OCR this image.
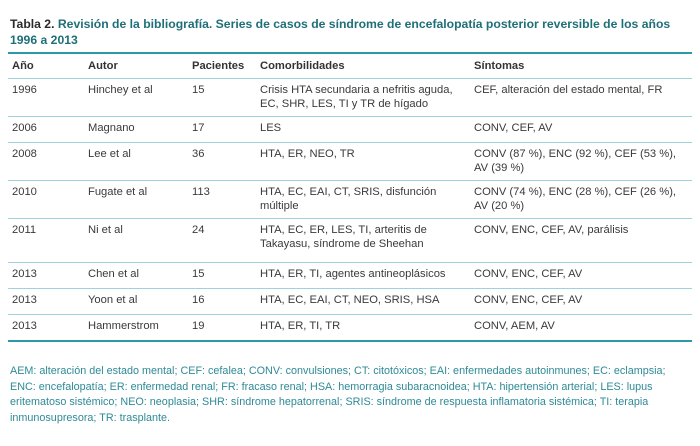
Tabla 2. Revisión de la bibliografía. Series de casos de síndrome de encefalopatía posterior reversible de los años 1996 a 2013
Año	Autor	Pacientes	Comorbilidades	Síntomas
1996	Hinchey et al	15	Crisis HTA secundaria a nefritis aguda, EC, SHR, LES, TI y TR de hígado	CEF, alteración del estado mental, FR
2006	Magnano	17	LES	CONV, CEF, AV
2008	Lee et al	36	HTA, ER, NEO, TR	CONV (87 %), ENC (92 %), CEF (53 %), AV (39 %)
2010	Fugate et al	113	HTA, EC, EAI, CT, SRIS, disfunción múltiple	CONV (74 %), ENC (28 %), CEF (26 %), AV (20 %)
2011	Ni et al	24	HTA, EC, ER, LES, TI, arteritis de Takayasu, síndrome de Sheehan	CONV, ENC, CEF, AV, parálisis
2013	Chen et al	15	HTA, ER, TI, agentes antineoplásicos	CONV, ENC, CEF, AV
2013	Yoon et al	16	HTA, EC, EAI, CT, NEO, SRIS, HSA	CONV, ENC, CEF, AV
2013	Hammerstrom	19	HTA, ER, TI, TR	CONV, AEM, AV
AEM: alteración del estado mental; CEF: cefalea; CONV: convulsiones; CT: citotóxicos; EAI: enfermedades autoinmunes; EC: eclampsia; ENC: encefalopatía; ER: enfermedad renal; FR: fracaso renal; HSA: hemorragia subaracnoidea; HTA: hipertensión arterial; LES: lupus eritematoso sistémico; NEO: neoplasia; SHR: síndrome hepatorrenal; SRIS: síndrome de respuesta inflamatoria sistémica; TI: terapia inmunosupresora; TR: trasplante.
